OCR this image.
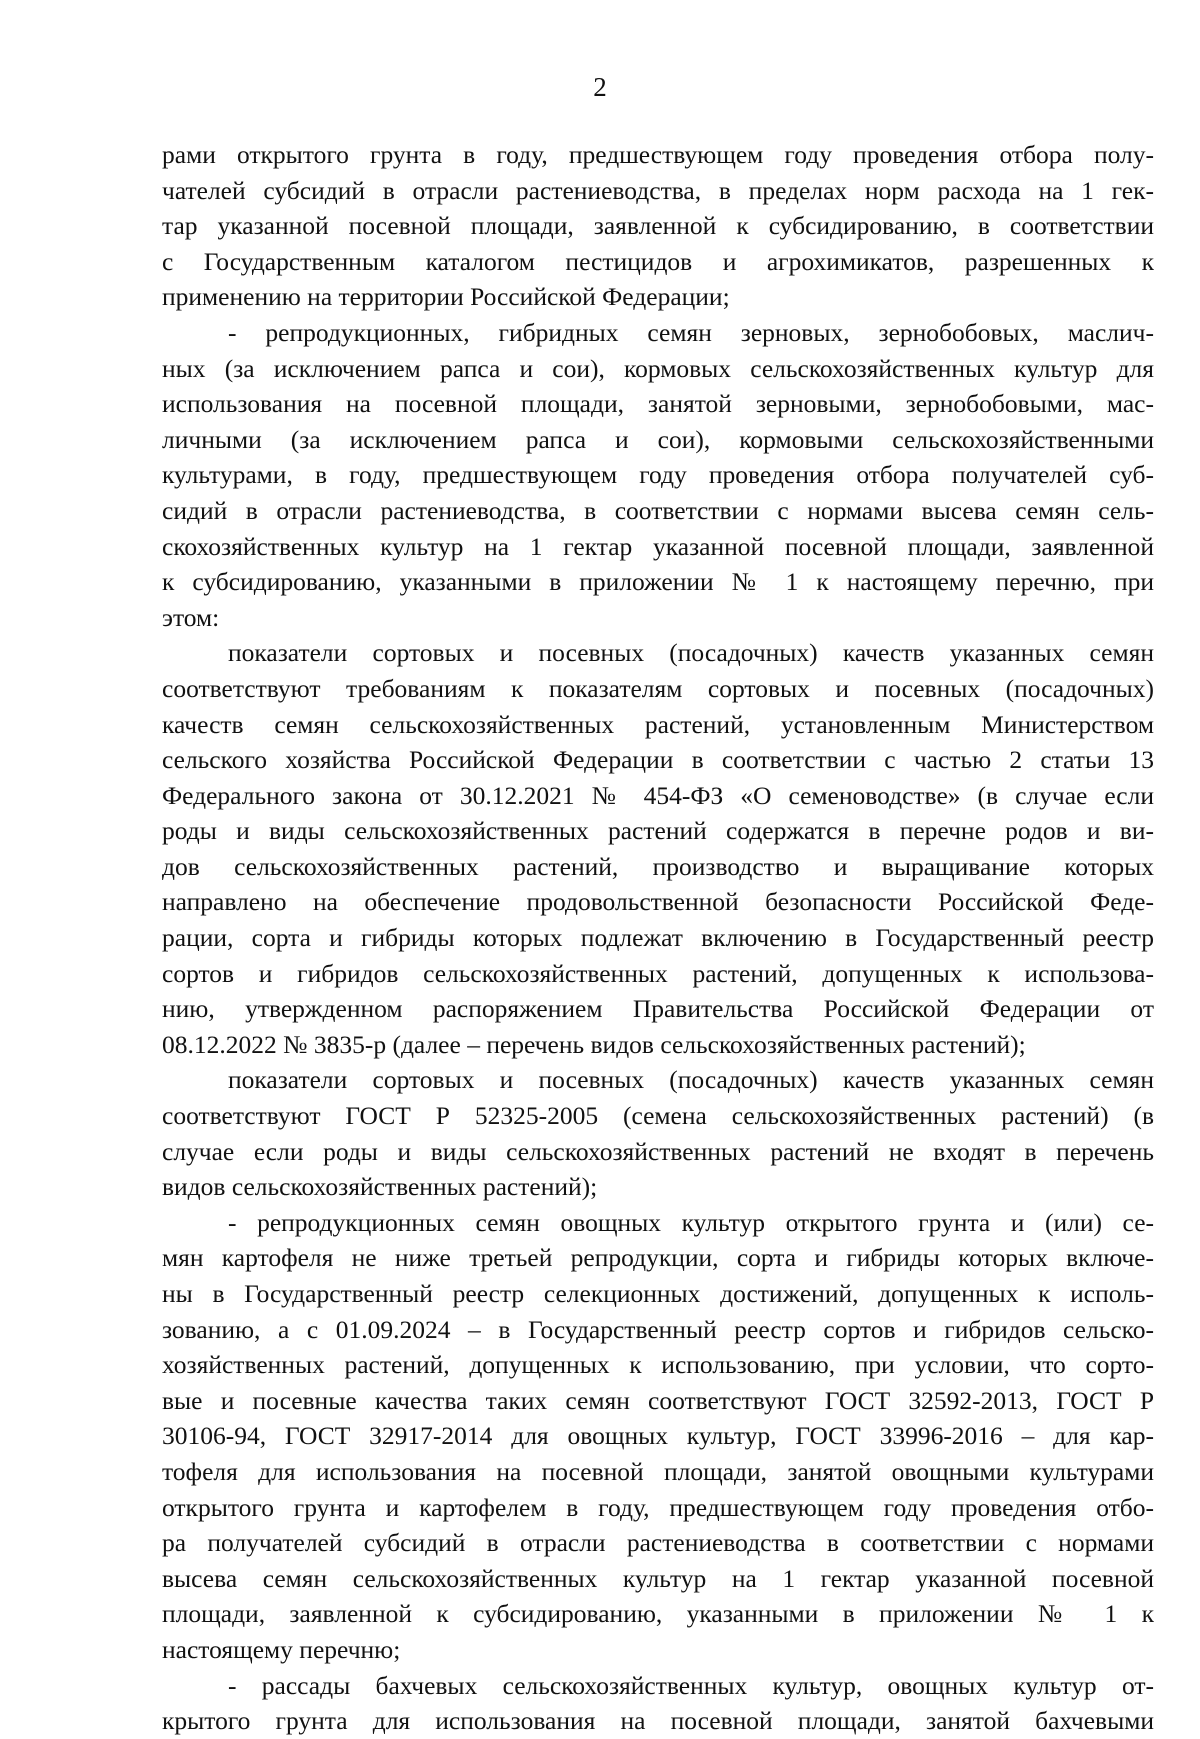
2
рами открытого грунта в году, предшествующем году проведения отбора полу-
чателей субсидий в отрасли растениеводства, в пределах норм расхода на 1 гек-
тар указанной посевной площади, заявленной к субсидированию, в соответствии
с Государственным каталогом пестицидов и агрохимикатов, разрешенных к
применению на территории Российской Федерации;
- репродукционных, гибридных семян зерновых, зернобобовых, маслич-
ных (за исключением рапса и сои), кормовых сельскохозяйственных культур для
использования на посевной площади, занятой зерновыми, зернобобовыми, мас-
личными (за исключением рапса и сои), кормовыми сельскохозяйственными
культурами, в году, предшествующем году проведения отбора получателей суб-
сидий в отрасли растениеводства, в соответствии с нормами высева семян сель-
скохозяйственных культур на 1 гектар указанной посевной площади, заявленной
к субсидированию, указанными в приложении № 1 к настоящему перечню, при
этом:
показатели сортовых и посевных (посадочных) качеств указанных семян
соответствуют требованиям к показателям сортовых и посевных (посадочных)
качеств семян сельскохозяйственных растений, установленным Министерством
сельского хозяйства Российской Федерации в соответствии с частью 2 статьи 13
Федерального закона от 30.12.2021 № 454-ФЗ «О семеноводстве» (в случае если
роды и виды сельскохозяйственных растений содержатся в перечне родов и ви-
дов сельскохозяйственных растений, производство и выращивание которых
направлено на обеспечение продовольственной безопасности Российской Феде-
рации, сорта и гибриды которых подлежат включению в Государственный реестр
сортов и гибридов сельскохозяйственных растений, допущенных к использова-
нию, утвержденном распоряжением Правительства Российской Федерации от
08.12.2022 № 3835-р (далее – перечень видов сельскохозяйственных растений);
показатели сортовых и посевных (посадочных) качеств указанных семян
соответствуют ГОСТ Р 52325-2005 (семена сельскохозяйственных растений) (в
случае если роды и виды сельскохозяйственных растений не входят в перечень
видов сельскохозяйственных растений);
- репродукционных семян овощных культур открытого грунта и (или) се-
мян картофеля не ниже третьей репродукции, сорта и гибриды которых включе-
ны в Государственный реестр селекционных достижений, допущенных к исполь-
зованию, а с 01.09.2024 – в Государственный реестр сортов и гибридов сельско-
хозяйственных растений, допущенных к использованию, при условии, что сорто-
вые и посевные качества таких семян соответствуют ГОСТ 32592-2013, ГОСТ Р
30106-94, ГОСТ 32917-2014 для овощных культур, ГОСТ 33996-2016 – для кар-
тофеля для использования на посевной площади, занятой овощными культурами
открытого грунта и картофелем в году, предшествующем году проведения отбо-
ра получателей субсидий в отрасли растениеводства в соответствии с нормами
высева семян сельскохозяйственных культур на 1 гектар указанной посевной
площади, заявленной к субсидированию, указанными в приложении № 1 к
настоящему перечню;
- рассады бахчевых сельскохозяйственных культур, овощных культур от-
крытого грунта для использования на посевной площади, занятой бахчевыми
